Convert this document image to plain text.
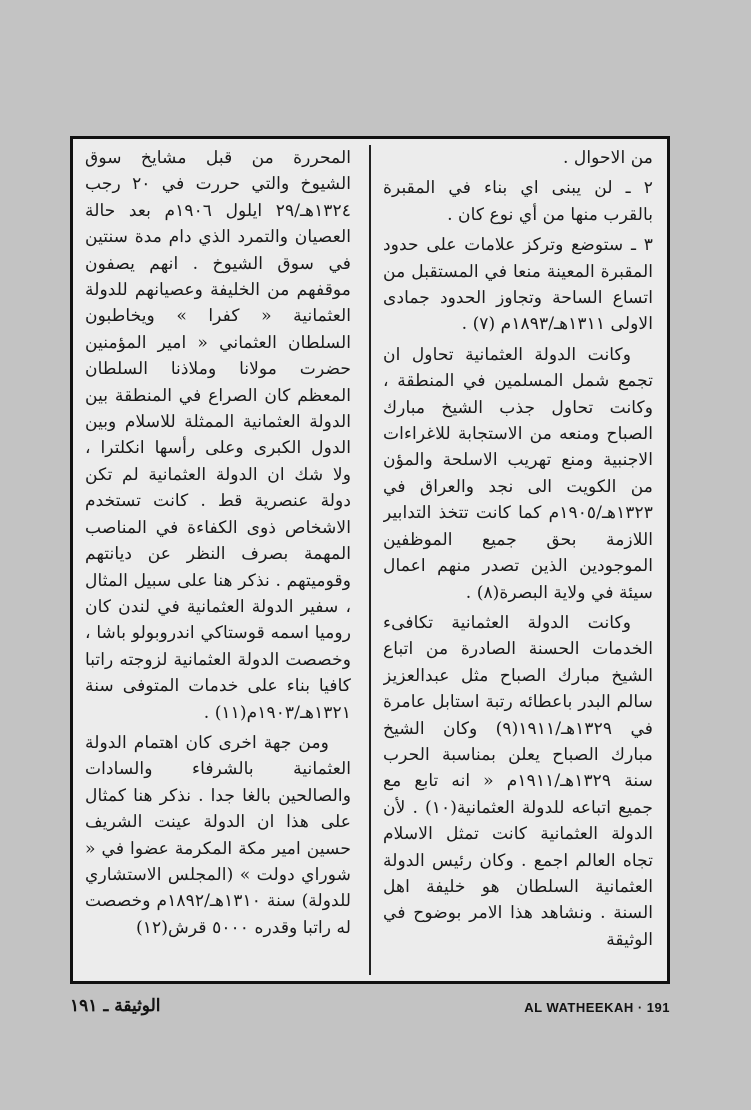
من الاحوال .

٢ ـ لن يبنى اي بناء في المقبرة بالقرب منها من أي نوع كان .

٣ ـ ستوضع وتركز علامات على حدود المقبرة المعينة منعا في المستقبل من اتساع الساحة وتجاوز الحدود جمادى الاولى ١٣١١هـ/١٨٩٣م (٧) .

وكانت الدولة العثمانية تحاول ان تجمع شمل المسلمين في المنطقة ، وكانت تحاول جذب الشيخ مبارك الصباح ومنعه من الاستجابة للاغراءات الاجنبية ومنع تهريب الاسلحة والمؤن من الكويت الى نجد والعراق في ١٣٢٣هـ/١٩٠٥م كما كانت تتخذ التدابير اللازمة بحق جميع الموظفين الموجودين الذين تصدر منهم اعمال سيئة في ولاية البصرة(٨) .

وكانت الدولة العثمانية تكافىء الخدمات الحسنة الصادرة من اتباع الشيخ مبارك الصباح مثل عبدالعزيز سالم البدر باعطائه رتبة استابل عامرة في ١٣٢٩هـ/١٩١١(٩) وكان الشيخ مبارك الصباح يعلن بمناسبة الحرب سنة ١٣٢٩هـ/١٩١١م « انه تابع مع جميع اتباعه للدولة العثمانية(١٠) . لأن الدولة العثمانية كانت تمثل الاسلام تجاه العالم اجمع . وكان رئيس الدولة العثمانية السلطان هو خليفة اهل السنة . ونشاهد هذا الامر بوضوح في الوثيقة

المحررة من قبل مشايخ سوق الشيوخ والتي حررت في ٢٠ رجب ١٣٢٤هـ/٢٩ ايلول ١٩٠٦م بعد حالة العصيان والتمرد الذي دام مدة سنتين في سوق الشيوخ . انهم يصفون موقفهم من الخليفة وعصيانهم للدولة العثمانية « كفرا » ويخاطبون السلطان العثماني « امير المؤمنين حضرت مولانا وملاذنا السلطان المعظم كان الصراع في المنطقة بين الدولة العثمانية الممثلة للاسلام وبين الدول الكبرى وعلى رأسها انكلترا ، ولا شك ان الدولة العثمانية لم تكن دولة عنصرية قط . كانت تستخدم الاشخاص ذوى الكفاءة في المناصب المهمة بصرف النظر عن ديانتهم وقوميتهم . نذكر هنا على سبيل المثال ، سفير الدولة العثمانية في لندن كان روميا اسمه قوستاكي اندروبولو باشا ، وخصصت الدولة العثمانية لزوجته راتبا كافيا بناء على خدمات المتوفى سنة ١٣٢١هـ/١٩٠٣م(١١) .

ومن جهة اخرى كان اهتمام الدولة العثمانية بالشرفاء والسادات والصالحين بالغا جدا . نذكر هنا كمثال على هذا ان الدولة عينت الشريف حسين امير مكة المكرمة عضوا في « شوراي دولت » (المجلس الاستشاري للدولة) سنة ١٣١٠هـ/١٨٩٢م وخصصت له راتبا وقدره ٥٠٠٠ قرش(١٢)

الوثيقة ـ ١٩١	AL WATHEEKAH · 191
